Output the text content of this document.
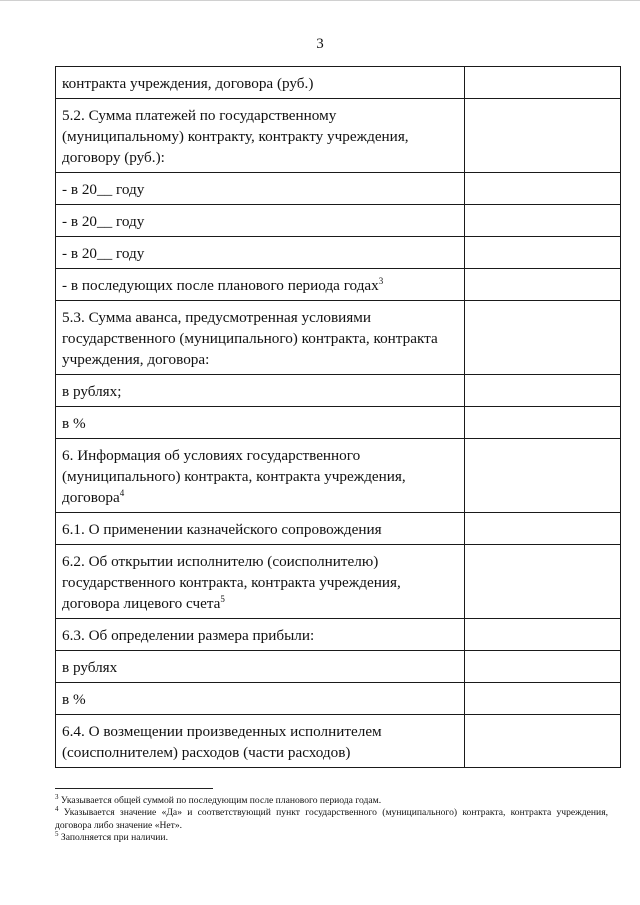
3
контракта учреждения, договора (руб.)	
5.2. Сумма платежей по государственному (муниципальному) контракту, контракту учреждения, договору (руб.):	
- в 20__ году	
- в 20__ году	
- в 20__ году	
- в последующих после планового периода годах$^3$	
5.3. Сумма аванса, предусмотренная условиями государственного (муниципального) контракта, контракта учреждения, договора:	
в рублях;	
в %	
6. Информация об условиях государственного (муниципального) контракта, контракта учреждения, договора$^4$	
6.1. О применении казначейского сопровождения	
6.2. Об открытии исполнителю (соисполнителю) государственного контракта, контракта учреждения, договора лицевого счета$^5$	
6.3. Об определении размера прибыли:	
в рублях	
в %	
6.4. О возмещении произведенных исполнителем (соисполнителем) расходов (части расходов)	
$^3$ Указывается общей суммой по последующим после планового периода годам.
$^4$ Указывается значение «Да» и соответствующий пункт государственного (муниципального) контракта, контракта учреждения, договора либо значение «Нет».
$^5$ Заполняется при наличии.
